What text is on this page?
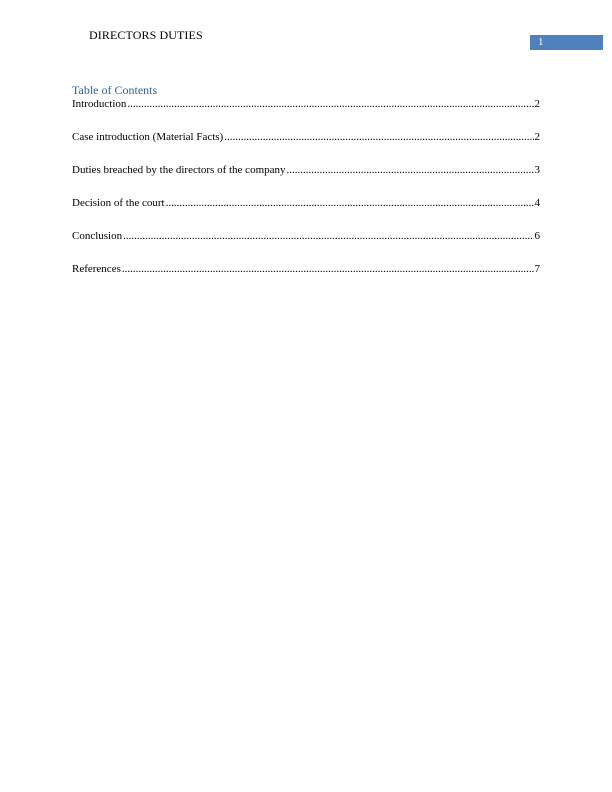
DIRECTORS DUTIES	1
Table of Contents
Introduction .....	2
Case introduction (Material Facts) .....	2
Duties breached by the directors of the company .....	3
Decision of the court .....	4
Conclusion .....	6
References .....	7
